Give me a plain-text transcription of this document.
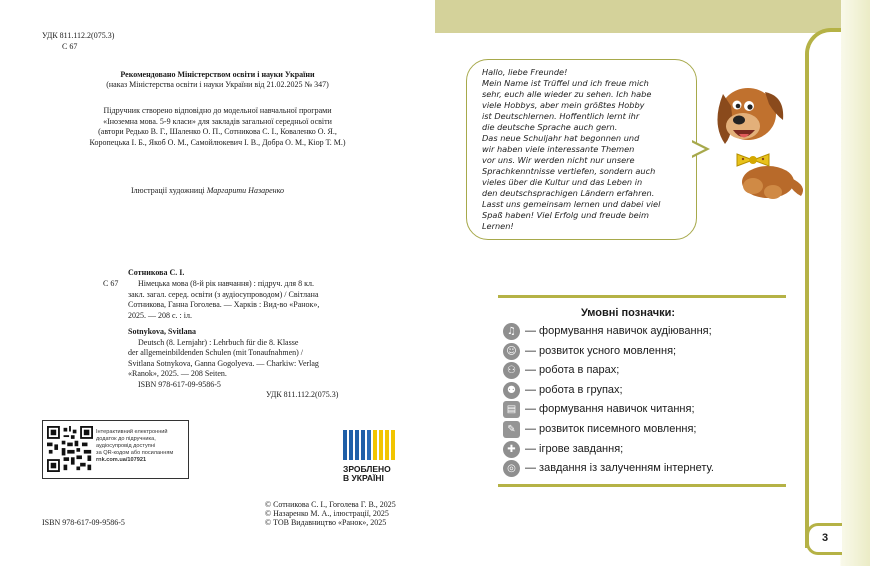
УДК 811.112.2(075.3)
С 67
Рекомендовано Міністерством освіти і науки України
(наказ Міністерства освіти і науки України від 21.02.2025 № 347)
Підручник створено відповідно до модельної навчальної програми
«Іноземна мова. 5-9 класи» для закладів загальної середньої освіти
(автори Редько В. Г., Шаленко О. П., Сотникова С. І., Коваленко О. Я.,
Коропецька І. Б., Якоб О. М., Самойлюкевич І. В., Добра О. М., Кіор Т. М.)
Ілюстрації художниці Маргарити Назаренко
Сотникова С. І.
С 67 Німецька мова (8-й рік навчання) : підруч. для 8 кл.
закл. загал. серед. освіти (з аудіосупроводом) / Світлана
Сотникова, Ганна Гоголева. — Харків : Вид-во «Ранок»,
2025. — 208 с. : іл.
Sotnykova, Svitlana
Deutsch (8. Lernjahr) : Lehrbuch für die 8. Klasse
der allgemeinbildenden Schulen (mit Tonaufnahmen) /
Svitlana Sotnykova, Ganna Gogolyeva. — Charkiw: Verlag
«Ranok», 2025. — 208 Seiten.
ISBN 978-617-09-9586-5
УДК 811.112.2(075.3)
Інтерактивний електронний
додаток до підручника,
аудіосупровід доступні
за QR-кодом або посиланням
rnk.com.ua/107921
ЗРОБЛЕНО
В УКРАЇНІ
© Сотникова С. І., Гоголева Г. В., 2025
© Назаренко М. А., ілюстрації, 2025
© ТОВ Видавництво «Ранок», 2025
ISBN 978-617-09-9586-5
Hallo, liebe Freunde!
Mein Name ist Trüffel und ich freue mich
sehr, euch alle wieder zu sehen. Ich habe
viele Hobbys, aber mein größtes Hobby
ist Deutschlernen. Hoffentlich lernt ihr
die deutsche Sprache auch gern.
Das neue Schuljahr hat begonnen und
wir haben viele interessante Themen
vor uns. Wir werden nicht nur unsere
Sprachkenntnisse vertiefen, sondern auch
vieles über die Kultur und das Leben in
den deutschsprachigen Ländern erfahren.
Lasst uns gemeinsam lernen und dabei viel
Spaß haben! Viel Erfolg und freude beim
Lernen!
Умовні позначки:
♫ — формування навичок аудіювання;
☺ — розвиток усного мовлення;
⚇ — робота в парах;
⚉ — робота в групах;
▤ — формування навичок читання;
✎ — розвиток писемного мовлення;
✚ — ігрове завдання;
◎ — завдання із залученням інтернету.
3
